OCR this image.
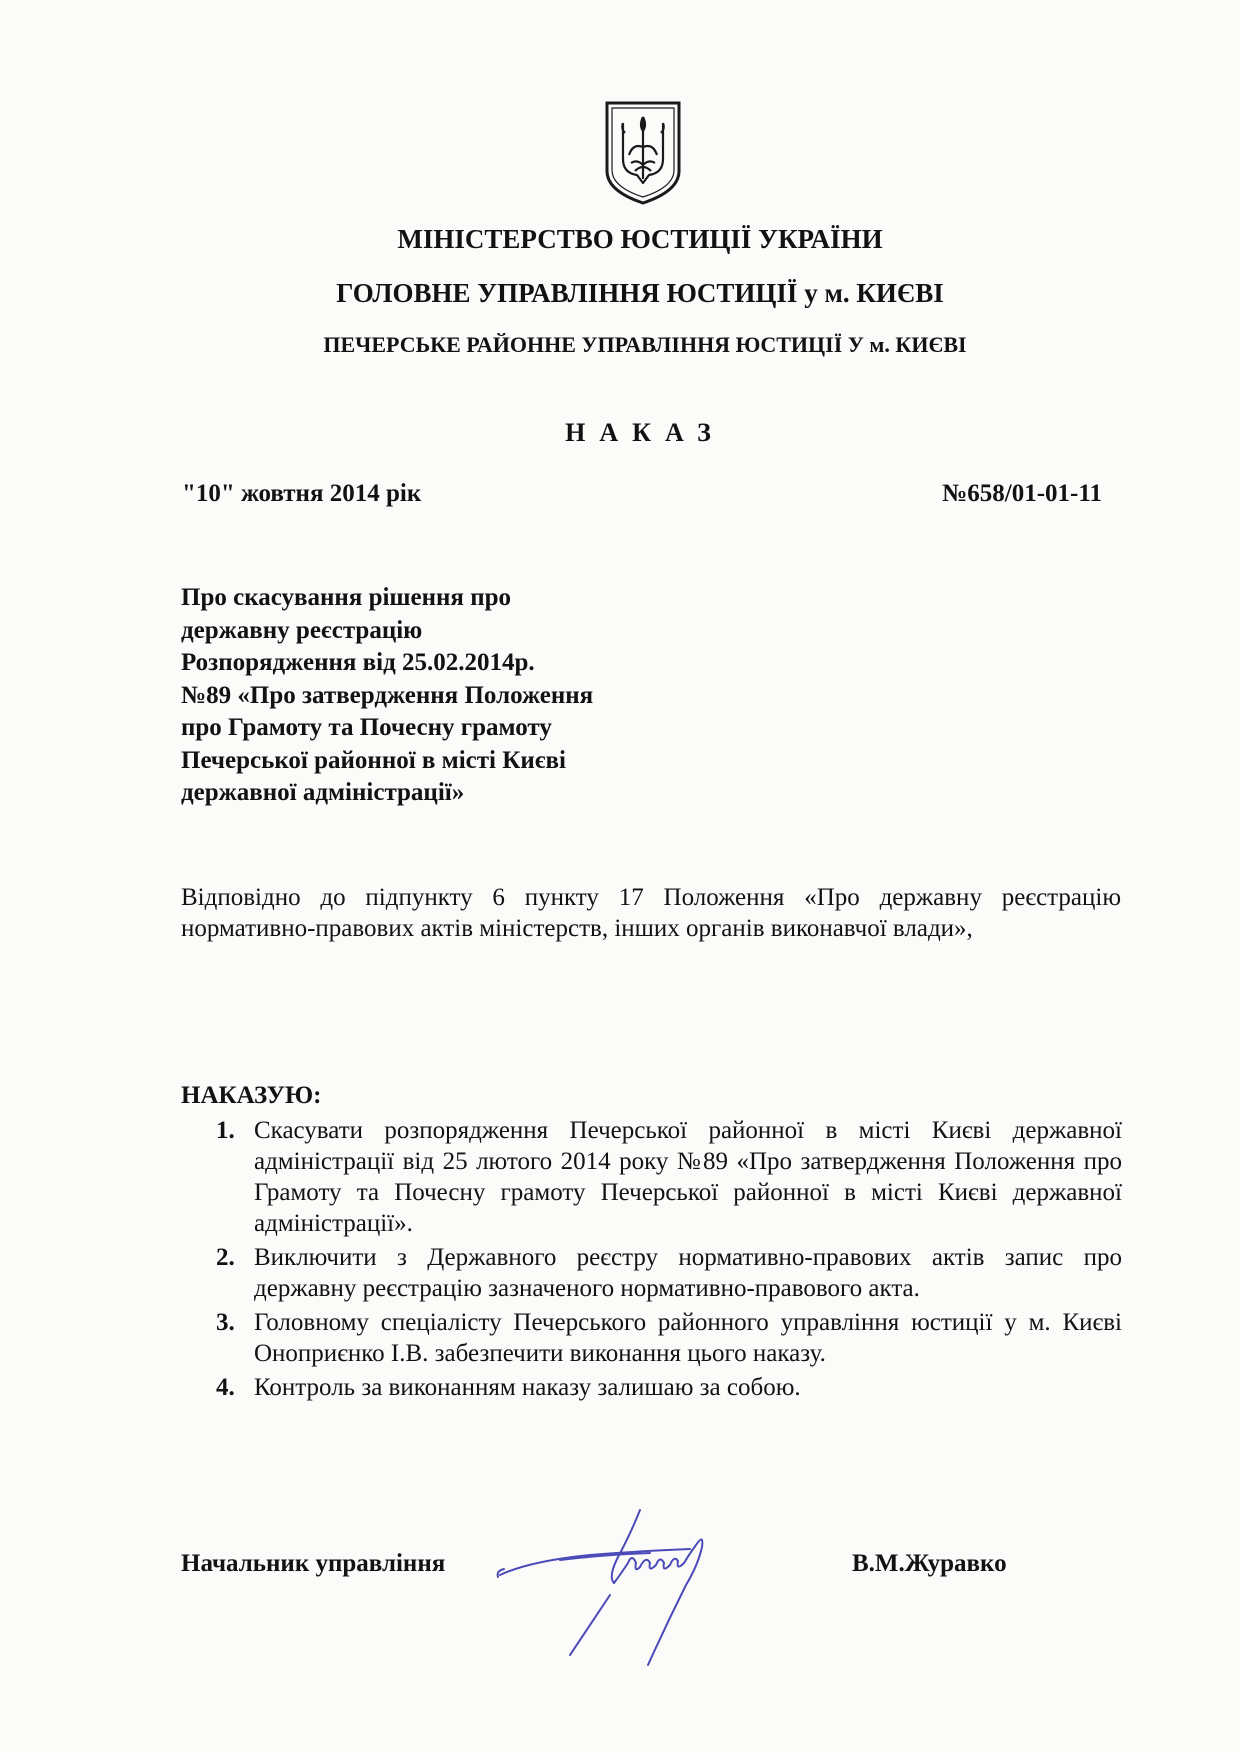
МІНІСТЕРСТВО ЮСТИЦІЇ УКРАЇНИ
ГОЛОВНЕ УПРАВЛІННЯ ЮСТИЦІЇ у м. КИЄВІ
ПЕЧЕРСЬКЕ РАЙОННЕ УПРАВЛІННЯ ЮСТИЦІЇ У м. КИЄВІ
НАКАЗ
"10" жовтня 2014 рік	№658/01-01-11
Про скасування рішення про
державну реєстрацію
Розпорядження від 25.02.2014р.
№89 «Про затвердження Положення
про Грамоту та Почесну грамоту
Печерської районної в місті Києві
державної адміністрації»
Відповідно до підпункту 6 пункту 17 Положення «Про державну реєстрацію нормативно-правових актів міністерств, інших органів виконавчої влади»,
НАКАЗУЮ:
1. Скасувати розпорядження Печерської районної в місті Києві державної адміністрації від 25 лютого 2014 року №89 «Про затвердження Положення про Грамоту та Почесну грамоту Печерської районної в місті Києві державної адміністрації».
2. Виключити з Державного реєстру нормативно-правових актів запис про державну реєстрацію зазначеного нормативно-правового акта.
3. Головному спеціалісту Печерського районного управління юстиції у м. Києві Оноприєнко І.В. забезпечити виконання цього наказу.
4. Контроль за виконанням наказу залишаю за собою.
Начальник управління	В.М.Журавко
